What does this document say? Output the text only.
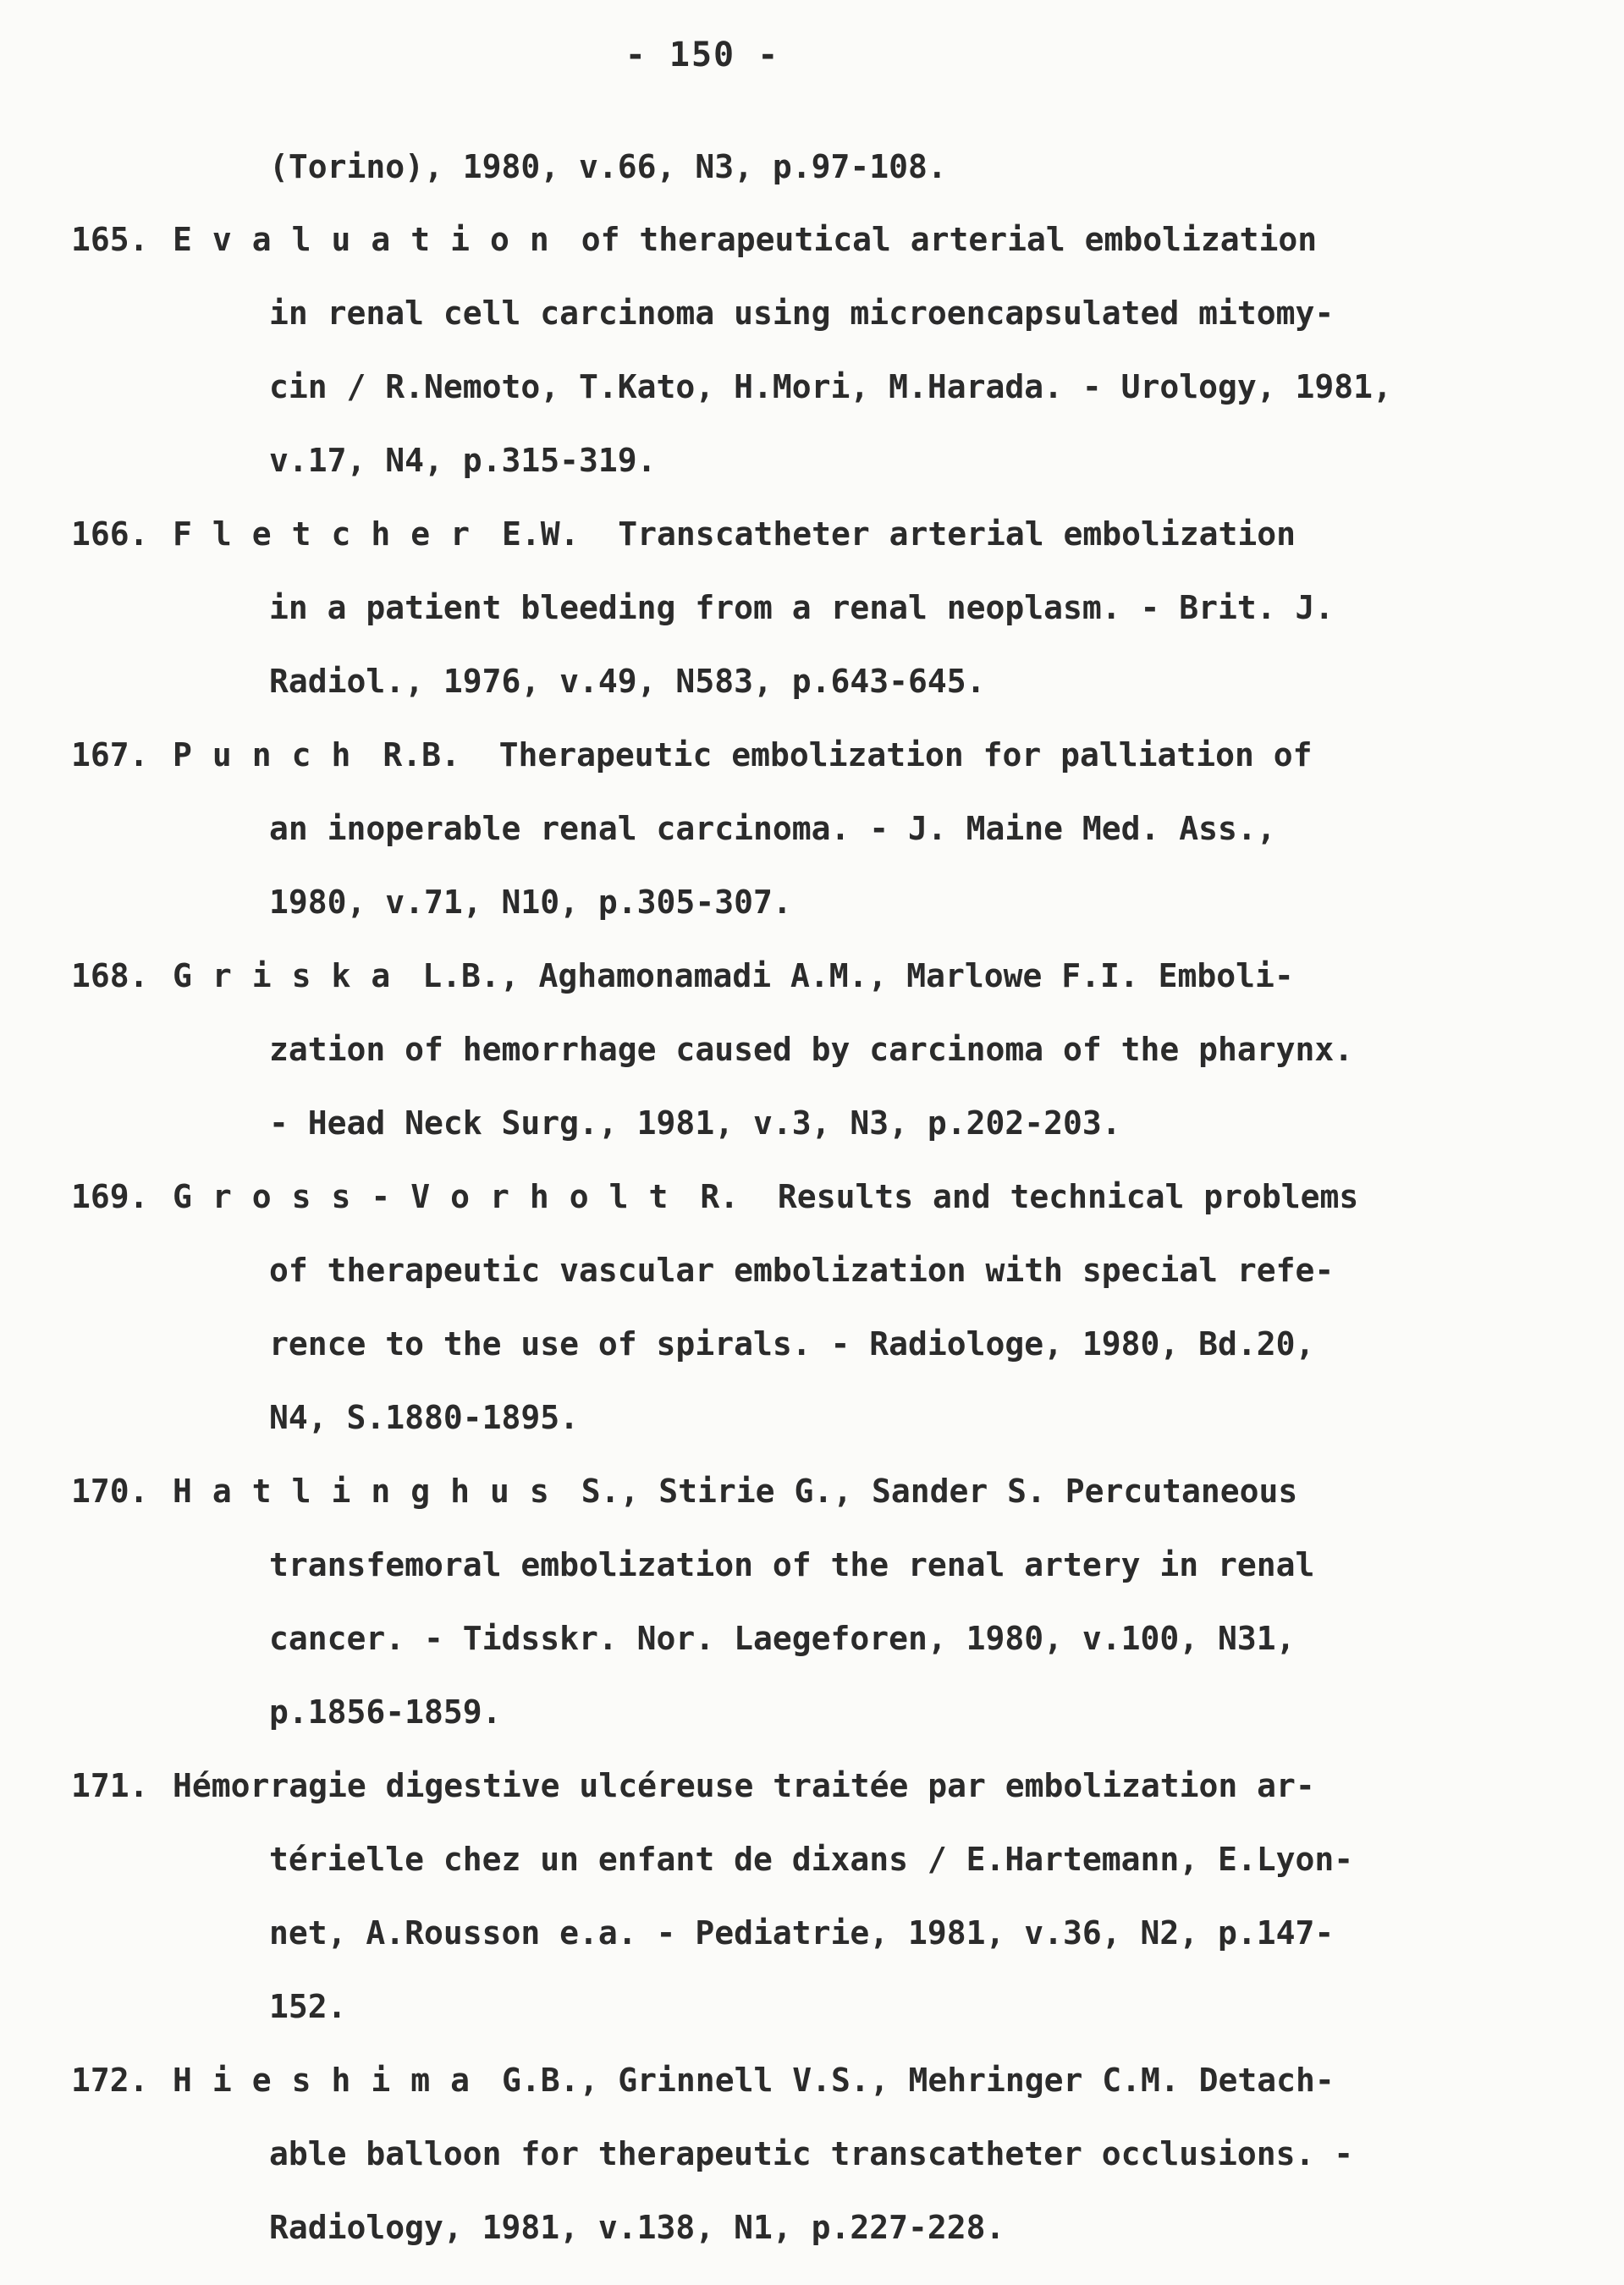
- 150 -
(Torino), 1980, v.66, N3, p.97-108.
165. Evaluation of therapeutical arterial embolization
in renal cell carcinoma using microencapsulated mitomy-
cin / R.Nemoto, T.Kato, H.Mori, M.Harada. - Urology, 1981,
v.17, N4, p.315-319.
166. Fletcher E.W.  Transcatheter arterial embolization
in a patient bleeding from a renal neoplasm. - Brit. J.
Radiol., 1976, v.49, N583, p.643-645.
167. Punch R.B.  Therapeutic embolization for palliation of
an inoperable renal carcinoma. - J. Maine Med. Ass.,
1980, v.71, N10, p.305-307.
168. Griska L.B., Aghamonamadi A.M., Marlowe F.I. Emboli-
zation of hemorrhage caused by carcinoma of the pharynx.
- Head Neck Surg., 1981, v.3, N3, p.202-203.
169. Gross-Vorholt R.  Results and technical problems
of therapeutic vascular embolization with special refe-
rence to the use of spirals. - Radiologe, 1980, Bd.20,
N4, S.1880-1895.
170. Hatlinghus S., Stirie G., Sander S. Percutaneous
transfemoral embolization of the renal artery in renal
cancer. - Tidsskr. Nor. Laegeforen, 1980, v.100, N31,
p.1856-1859.
171. Hémorragie digestive ulcéreuse traitée par embolization ar-
térielle chez un enfant de dixans / E.Hartemann, E.Lyon-
net, A.Rousson e.a. - Pediatrie, 1981, v.36, N2, p.147-
152.
172. Hieshima G.B., Grinnell V.S., Mehringer C.M. Detach-
able balloon for therapeutic transcatheter occlusions. -
Radiology, 1981, v.138, N1, p.227-228.
